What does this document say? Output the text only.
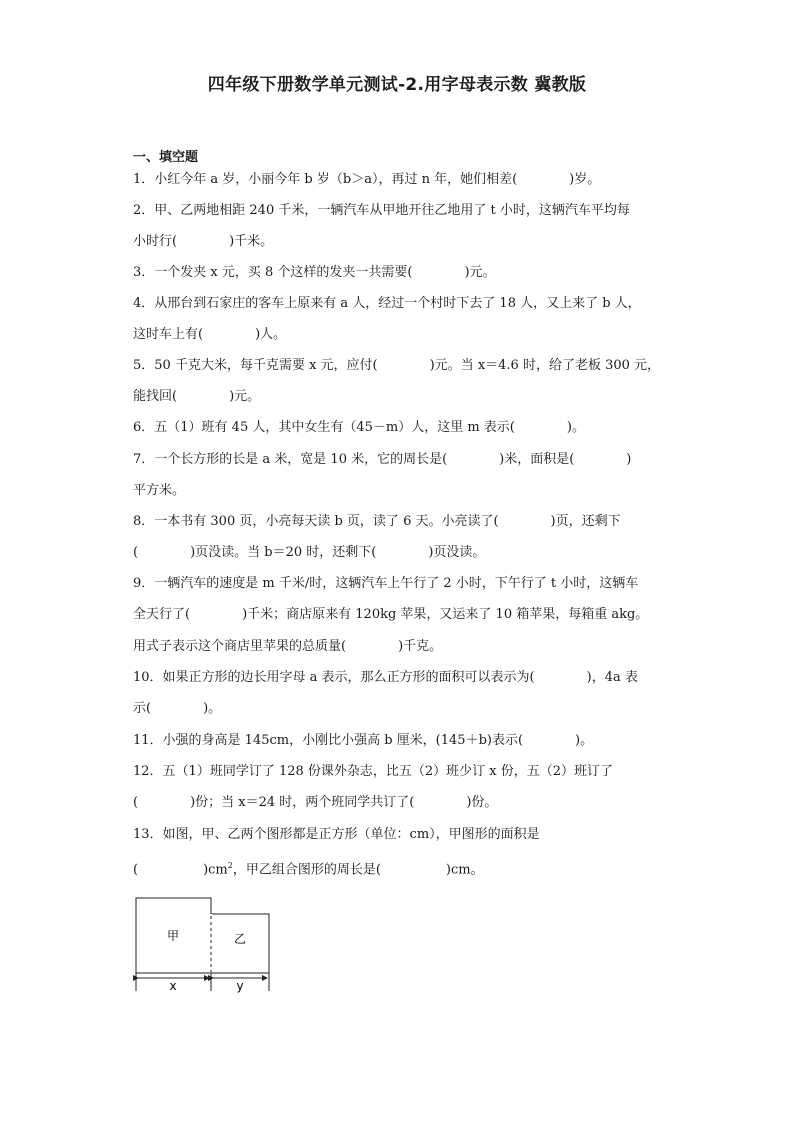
四年级下册数学单元测试-2.用字母表示数 冀教版
一、填空题
1．小红今年 a 岁，小丽今年 b 岁（b＞a），再过 n 年，她们相差(　　　　)岁。
2．甲、乙两地相距 240 千米，一辆汽车从甲地开往乙地用了 t 小时，这辆汽车平均每
小时行(　　　　)千米。
3．一个发夹 x 元，买 8 个这样的发夹一共需要(　　　　)元。
4．从邢台到石家庄的客车上原来有 a 人，经过一个村时下去了 18 人，又上来了 b 人，
这时车上有(　　　　)人。
5．50 千克大米，每千克需要 x 元，应付(　　　　)元。当 x＝4.6 时，给了老板 300 元，
能找回(　　　　)元。
6．五（1）班有 45 人，其中女生有（45－m）人，这里 m 表示(　　　　)。
7．一个长方形的长是 a 米，宽是 10 米，它的周长是(　　　　)米，面积是(　　　　)
平方米。
8．一本书有 300 页，小亮每天读 b 页，读了 6 天。小亮读了(　　　　)页，还剩下
(　　　　)页没读。当 b＝20 时，还剩下(　　　　)页没读。
9．一辆汽车的速度是 m 千米/时，这辆汽车上午行了 2 小时，下午行了 t 小时，这辆车
全天行了(　　　　)千米；商店原来有 120kg 苹果，又运来了 10 箱苹果，每箱重 akg。
用式子表示这个商店里苹果的总质量(　　　　)千克。
10．如果正方形的边长用字母 a 表示，那么正方形的面积可以表示为(　　　　)，4a 表
示(　　　　)。
11．小强的身高是 145cm，小刚比小强高 b 厘米，(145＋b)表示(　　　　)。
12．五（1）班同学订了 128 份课外杂志，比五（2）班少订 x 份，五（2）班订了
(　　　　)份；当 x＝24 时，两个班同学共订了(　　　　)份。
13．如图，甲、乙两个图形都是正方形（单位：cm），甲图形的面积是
(　　　　　)$cm^2$，甲乙组合图形的周长是(　　　　　)cm。
甲	乙
x	y
